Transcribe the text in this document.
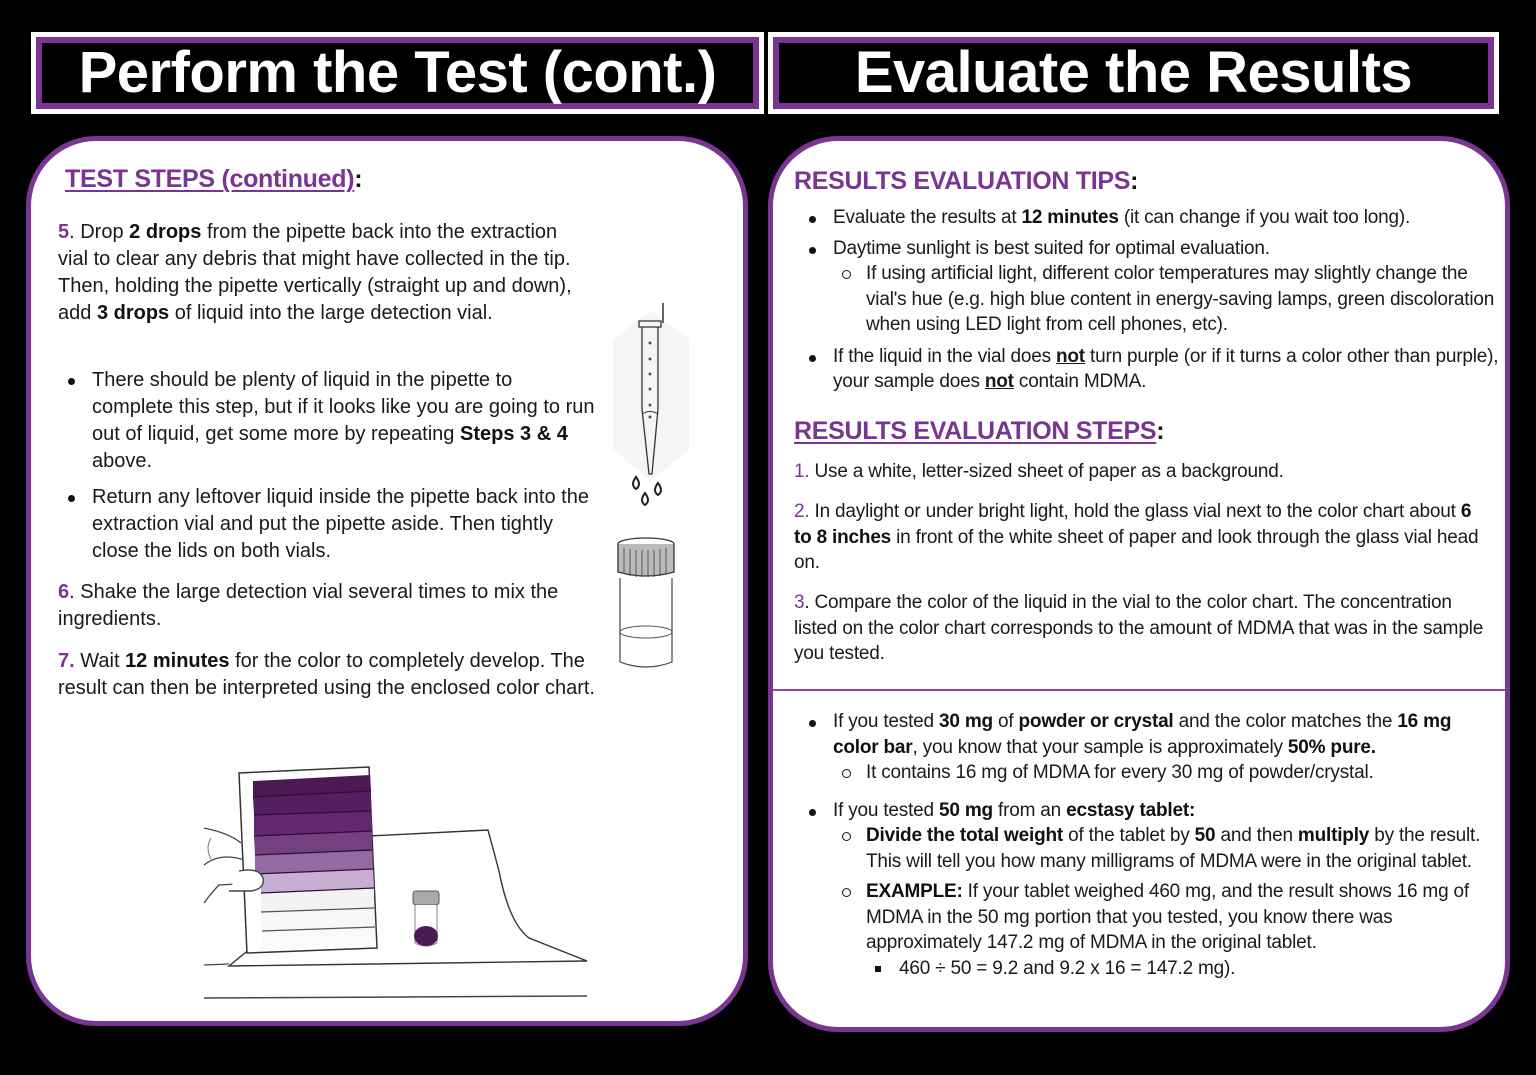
Perform the Test (cont.) Evaluate the Results
TEST STEPS (continued):
5. Drop 2 drops from the pipette back into the extraction vial to clear any debris that might have collected in the tip. Then, holding the pipette vertically (straight up and down), add 3 drops of liquid into the large detection vial.
There should be plenty of liquid in the pipette to complete this step, but if it looks like you are going to run out of liquid, get some more by repeating Steps 3 & 4 above.
Return any leftover liquid inside the pipette back into the extraction vial and put the pipette aside. Then tightly close the lids on both vials.
6. Shake the large detection vial several times to mix the ingredients.
7. Wait 12 minutes for the color to completely develop. The result can then be interpreted using the enclosed color chart.
RESULTS EVALUATION TIPS:
Evaluate the results at 12 minutes (it can change if you wait too long).
Daytime sunlight is best suited for optimal evaluation.
If using artificial light, different color temperatures may slightly change the vial's hue (e.g. high blue content in energy-saving lamps, green discoloration when using LED light from cell phones, etc).
If the liquid in the vial does not turn purple (or if it turns a color other than purple), your sample does not contain MDMA.
RESULTS EVALUATION STEPS:
1. Use a white, letter-sized sheet of paper as a background.
2. In daylight or under bright light, hold the glass vial next to the color chart about 6 to 8 inches in front of the white sheet of paper and look through the glass vial head on.
3. Compare the color of the liquid in the vial to the color chart. The concentration listed on the color chart corresponds to the amount of MDMA that was in the sample you tested.
If you tested 30 mg of powder or crystal and the color matches the 16 mg color bar, you know that your sample is approximately 50% pure.
It contains 16 mg of MDMA for every 30 mg of powder/crystal.
If you tested 50 mg from an ecstasy tablet:
Divide the total weight of the tablet by 50 and then multiply by the result. This will tell you how many milligrams of MDMA were in the original tablet.
EXAMPLE: If your tablet weighed 460 mg, and the result shows 16 mg of MDMA in the 50 mg portion that you tested, you know there was approximately 147.2 mg of MDMA in the original tablet.
460 ÷ 50 = 9.2 and 9.2 x 16 = 147.2 mg).
